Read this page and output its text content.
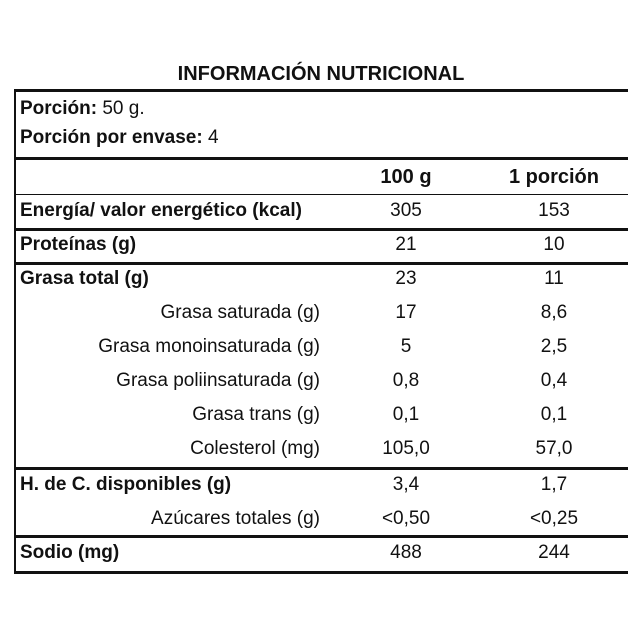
INFORMACIÓN NUTRICIONAL
Porción: 50 g.
Porción por envase: 4
100 g	1 porción
Energía/ valor energético (kcal)	305	153
Proteínas (g)	21	10
Grasa total (g)	23	11
Grasa saturada (g)	17	8,6
Grasa monoinsaturada (g)	5	2,5
Grasa poliinsaturada (g)	0,8	0,4
Grasa trans (g)	0,1	0,1
Colesterol (mg)	105,0	57,0
H. de C. disponibles (g)	3,4	1,7
Azúcares totales (g)	<0,50	<0,25
Sodio (mg)	488	244
